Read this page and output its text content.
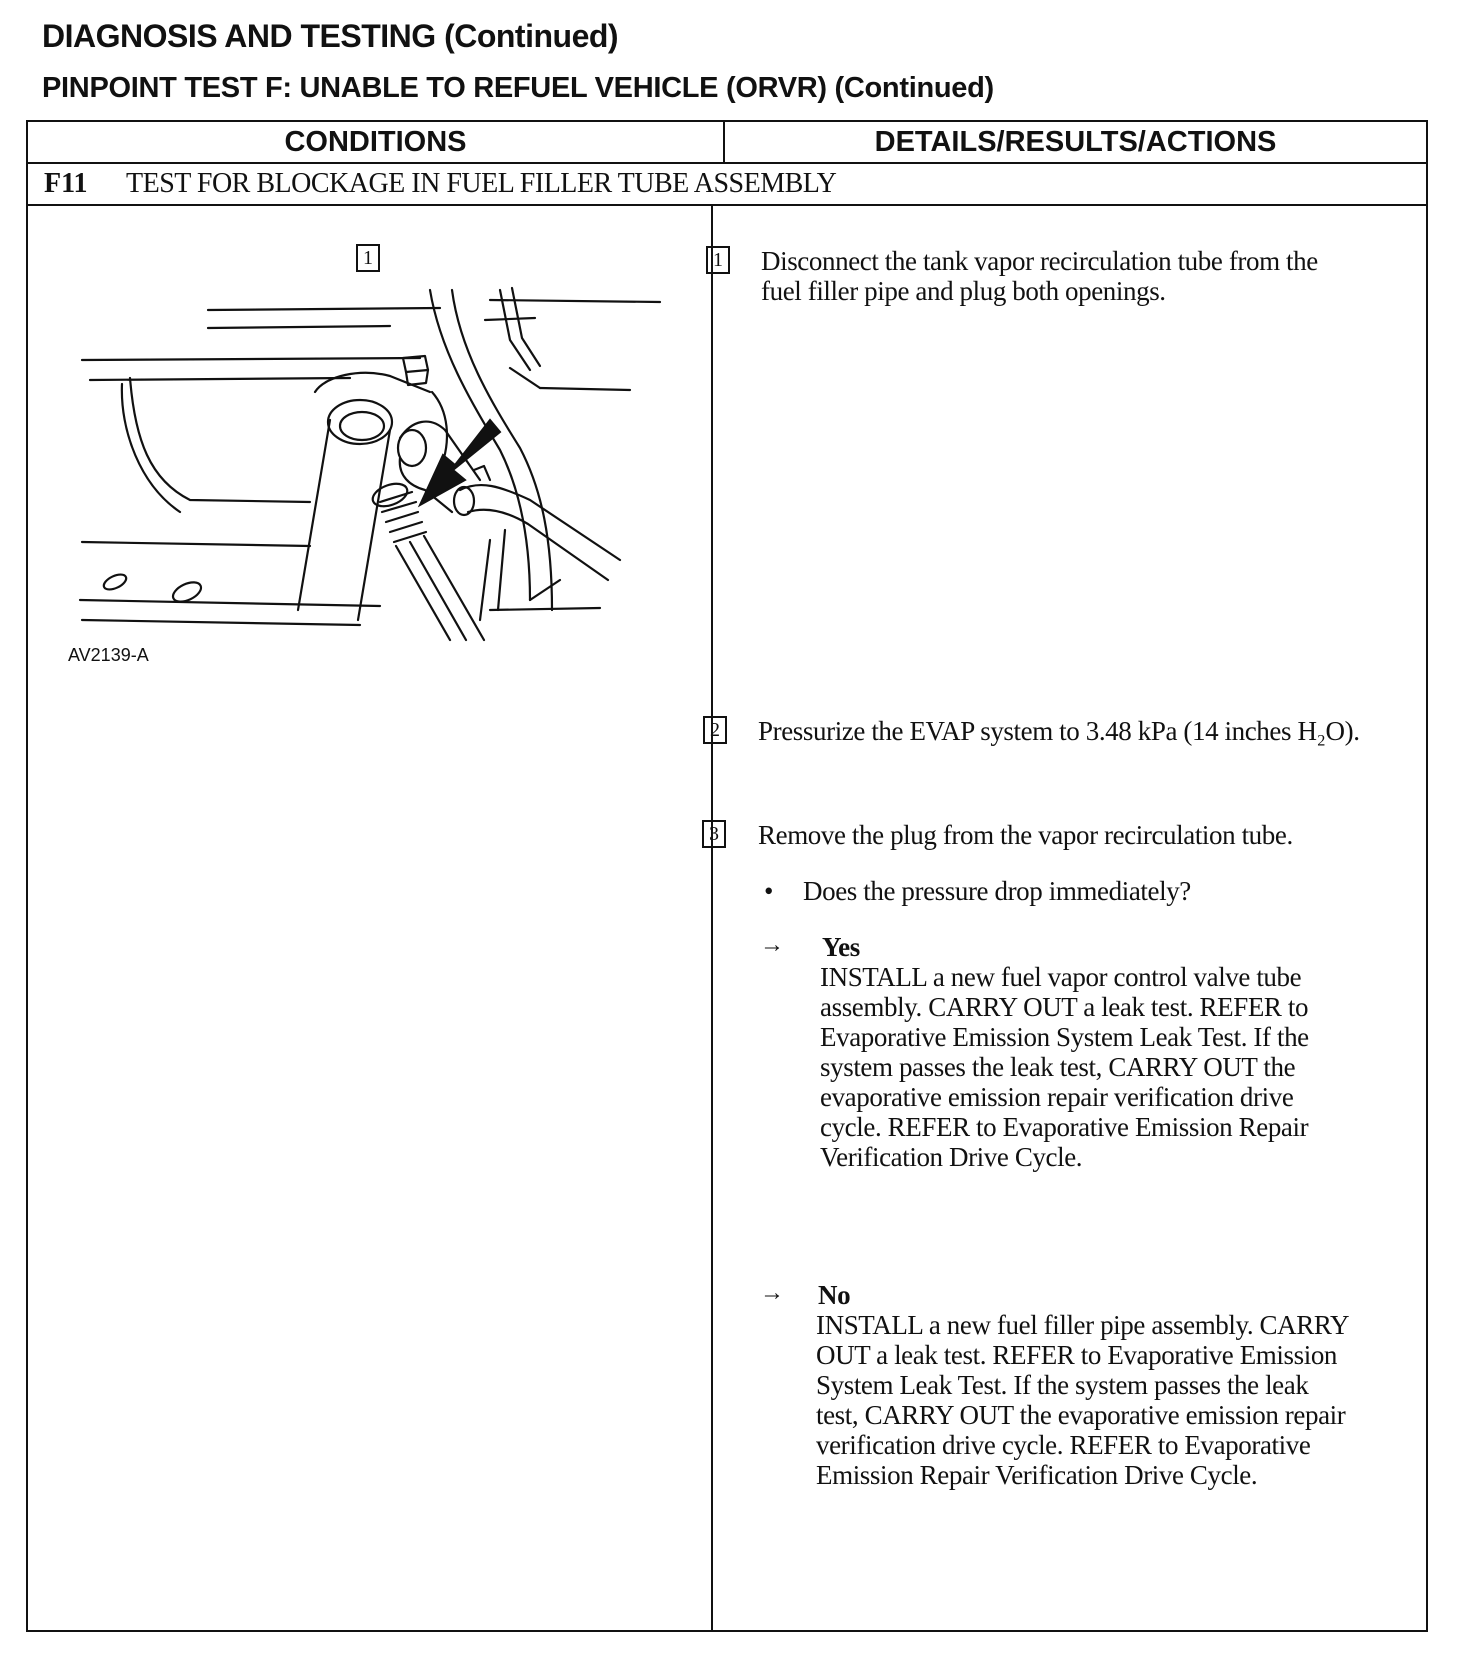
DIAGNOSIS AND TESTING (Continued)
PINPOINT TEST F: UNABLE TO REFUEL VEHICLE (ORVR) (Continued)
CONDITIONS	DETAILS/RESULTS/ACTIONS
F11 TEST FOR BLOCKAGE IN FUEL FILLER TUBE ASSEMBLY
1
AV2139-A
1 Disconnect the tank vapor recirculation tube from the fuel filler pipe and plug both openings.
2 Pressurize the EVAP system to 3.48 kPa (14 inches H₂O).
3 Remove the plug from the vapor recirculation tube.
• Does the pressure drop immediately?
→ Yes
INSTALL a new fuel vapor control valve tube assembly. CARRY OUT a leak test. REFER to Evaporative Emission System Leak Test. If the system passes the leak test, CARRY OUT the evaporative emission repair verification drive cycle. REFER to Evaporative Emission Repair Verification Drive Cycle.
→ No
INSTALL a new fuel filler pipe assembly. CARRY OUT a leak test. REFER to Evaporative Emission System Leak Test. If the system passes the leak test, CARRY OUT the evaporative emission repair verification drive cycle. REFER to Evaporative Emission Repair Verification Drive Cycle.
